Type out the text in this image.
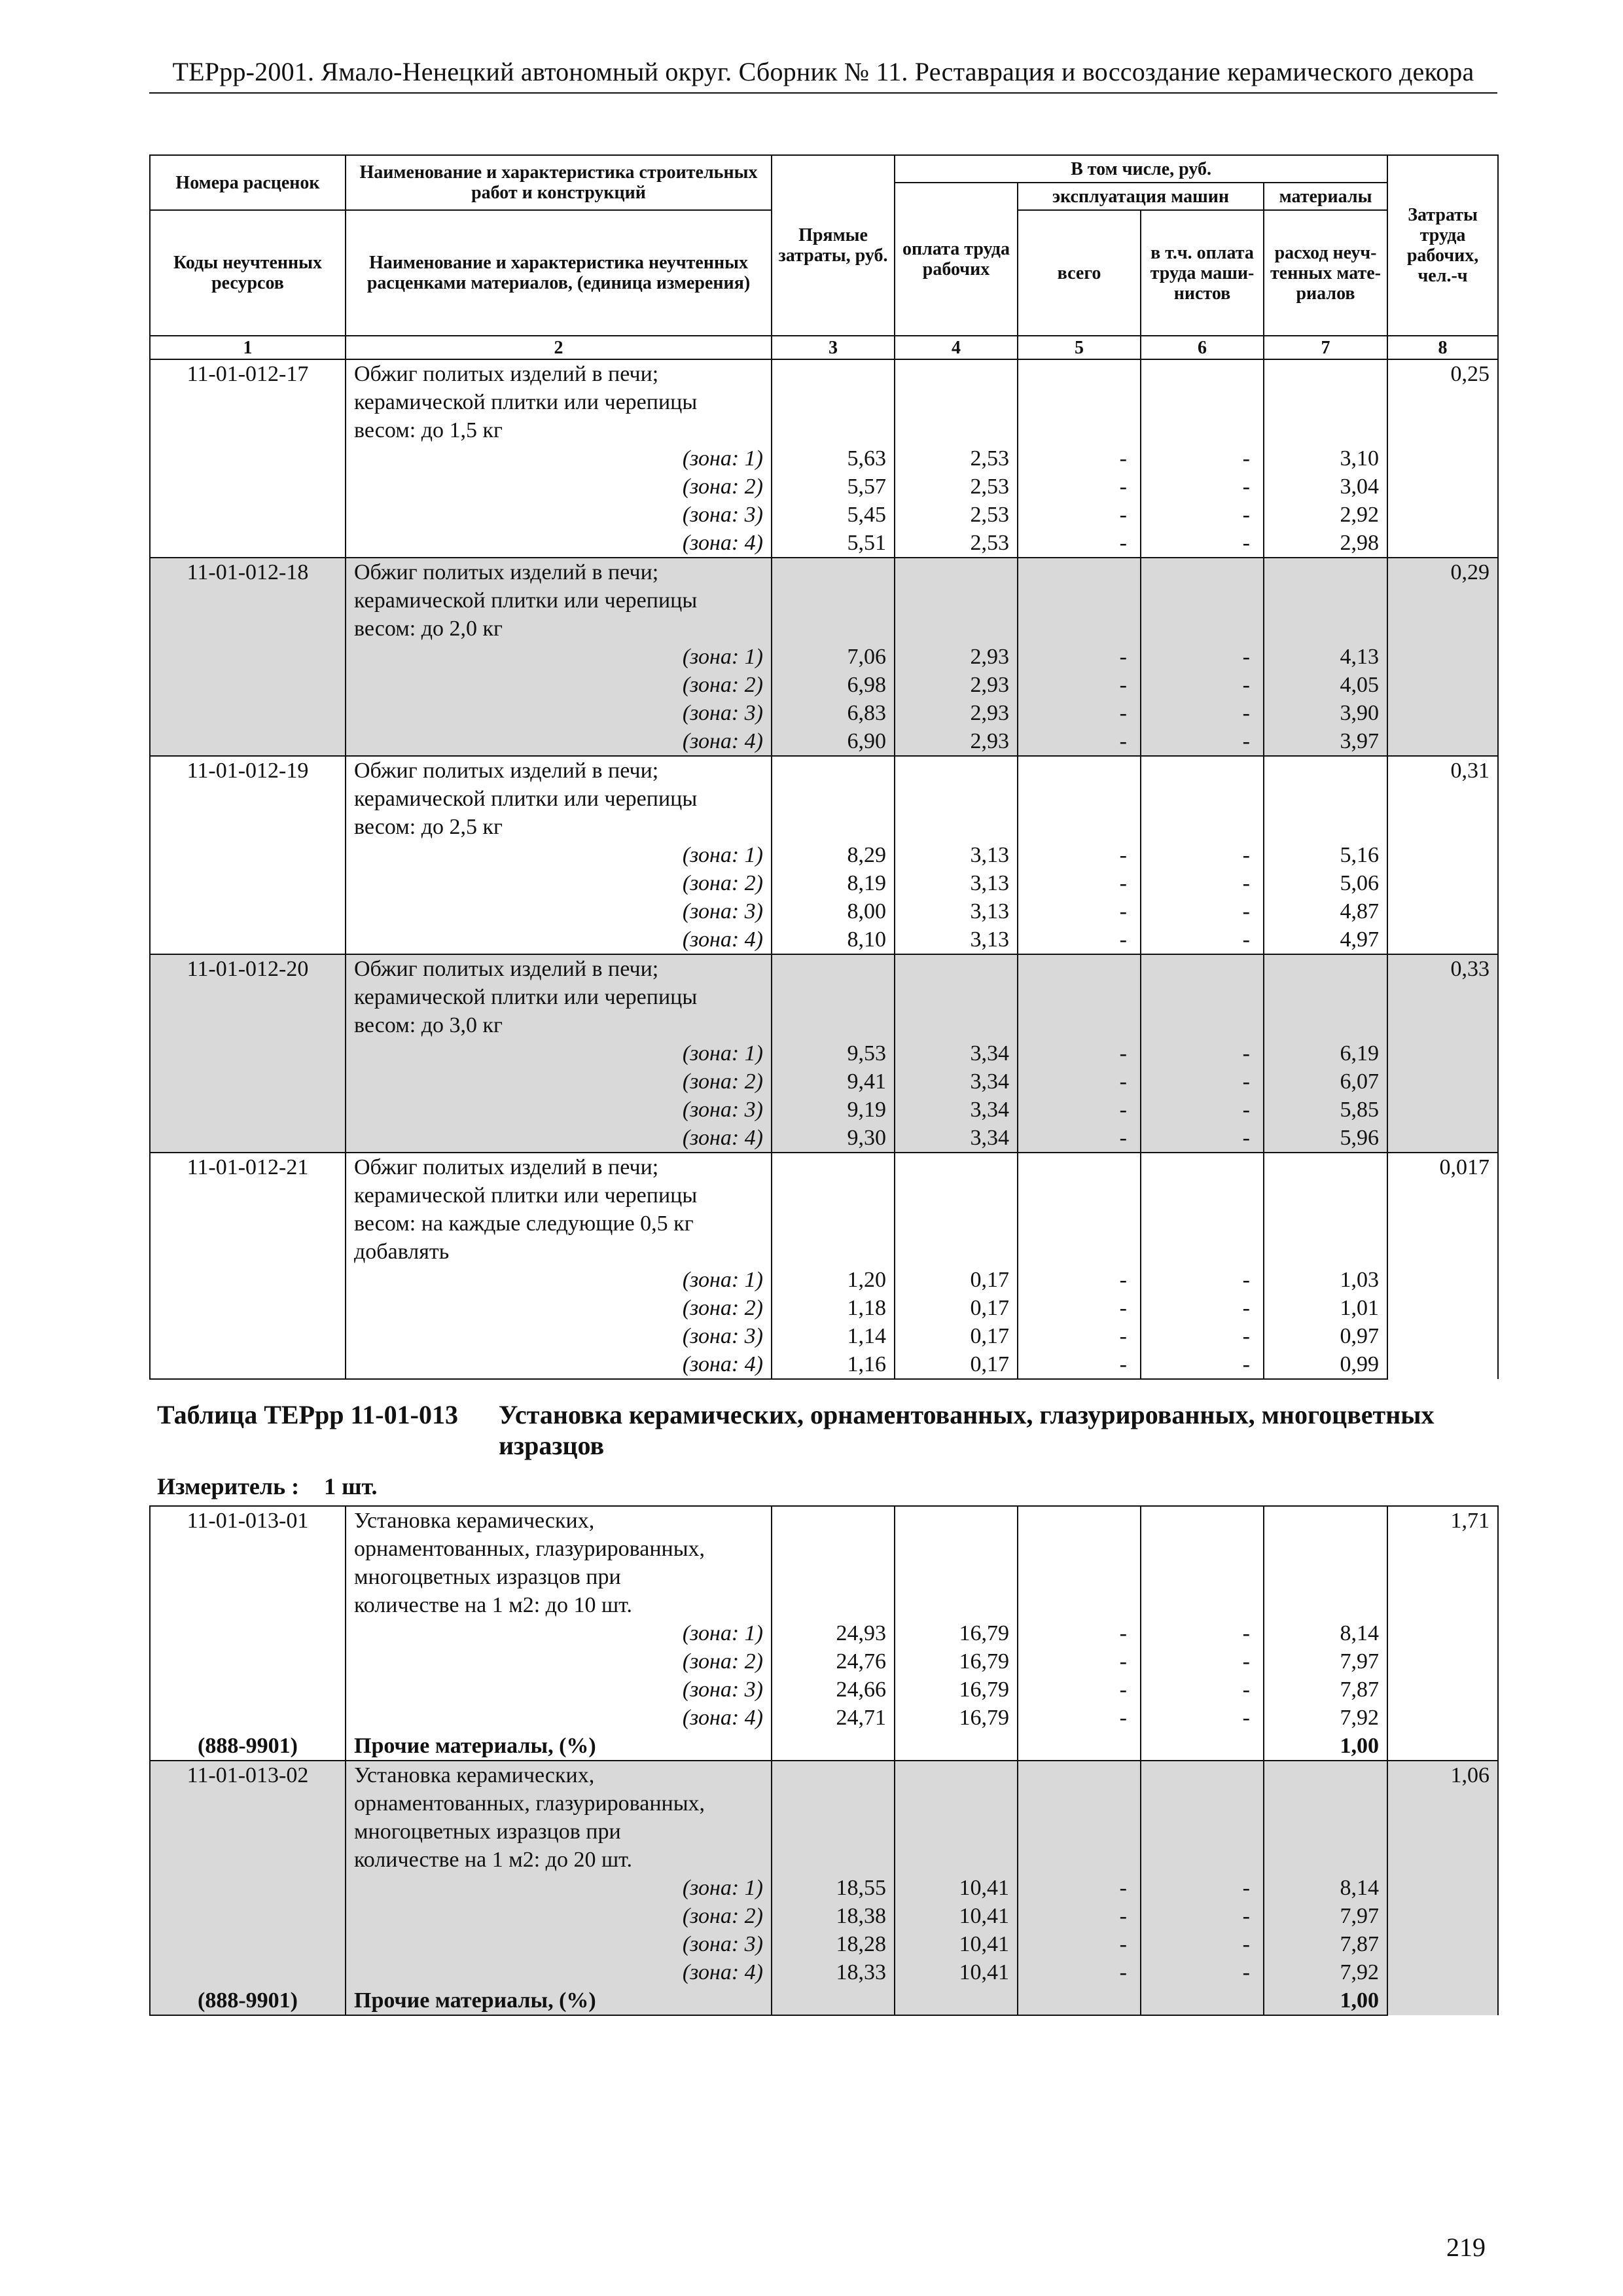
ТЕРрр-2001. Ямало-Ненецкий автономный округ. Сборник № 11. Реставрация и воссоздание керамического декора
Номера расценок	Наименование и характеристика строительных работ и конструкций	Прямые затраты, руб.	В том числе, руб.				Затраты труда рабочих, чел.-ч
			оплата труда рабочих	эксплуатация машин		материалы	
Коды неучтенных ресурсов	Наименование и характеристика неучтенных расценками материалов, (единица измерения)			всего	в т.ч. оплата труда маши-нистов	расход неуч-тенных мате-риалов	

1	2	3	4	5	6	7	8
11-01-012-17	Обжиг политых изделий в печи;						0,25
	керамической плитки или черепицы						
	весом: до 1,5 кг						
	(зона: 1)	5,63	2,53	-	-	3,10	
	(зона: 2)	5,57	2,53	-	-	3,04	
	(зона: 3)	5,45	2,53	-	-	2,92	
	(зона: 4)	5,51	2,53	-	-	2,98	
11-01-012-18	Обжиг политых изделий в печи;						0,29
	керамической плитки или черепицы						
	весом: до 2,0 кг						
	(зона: 1)	7,06	2,93	-	-	4,13	
	(зона: 2)	6,98	2,93	-	-	4,05	
	(зона: 3)	6,83	2,93	-	-	3,90	
	(зона: 4)	6,90	2,93	-	-	3,97	
11-01-012-19	Обжиг политых изделий в печи;						0,31
	керамической плитки или черепицы						
	весом: до 2,5 кг						
	(зона: 1)	8,29	3,13	-	-	5,16	
	(зона: 2)	8,19	3,13	-	-	5,06	
	(зона: 3)	8,00	3,13	-	-	4,87	
	(зона: 4)	8,10	3,13	-	-	4,97	
11-01-012-20	Обжиг политых изделий в печи;						0,33
	керамической плитки или черепицы						
	весом: до 3,0 кг						
	(зона: 1)	9,53	3,34	-	-	6,19	
	(зона: 2)	9,41	3,34	-	-	6,07	
	(зона: 3)	9,19	3,34	-	-	5,85	
	(зона: 4)	9,30	3,34	-	-	5,96	
11-01-012-21	Обжиг политых изделий в печи;						0,017
	керамической плитки или черепицы						
	весом: на каждые следующие 0,5 кг						
	добавлять						
	(зона: 1)	1,20	0,17	-	-	1,03	
	(зона: 2)	1,18	0,17	-	-	1,01	
	(зона: 3)	1,14	0,17	-	-	0,97	
	(зона: 4)	1,16	0,17	-	-	0,99	
Таблица ТЕРрр 11-01-013 Установка керамических, орнаментованных, глазурированных, многоцветных изразцов
Измеритель : 1 шт.
11-01-013-01	Установка керамических,						1,71
	орнаментованных, глазурированных,						
	многоцветных изразцов при						
	количестве на 1 м2: до 10 шт.						
	(зона: 1)	24,93	16,79	-	-	8,14	
	(зона: 2)	24,76	16,79	-	-	7,97	
	(зона: 3)	24,66	16,79	-	-	7,87	
	(зона: 4)	24,71	16,79	-	-	7,92	
(888-9901)	Прочие материалы, (%)					1,00	
11-01-013-02	Установка керамических,						1,06
	орнаментованных, глазурированных,						
	многоцветных изразцов при						
	количестве на 1 м2: до 20 шт.						
	(зона: 1)	18,55	10,41	-	-	8,14	
	(зона: 2)	18,38	10,41	-	-	7,97	
	(зона: 3)	18,28	10,41	-	-	7,87	
	(зона: 4)	18,33	10,41	-	-	7,92	
(888-9901)	Прочие материалы, (%)					1,00	
219
